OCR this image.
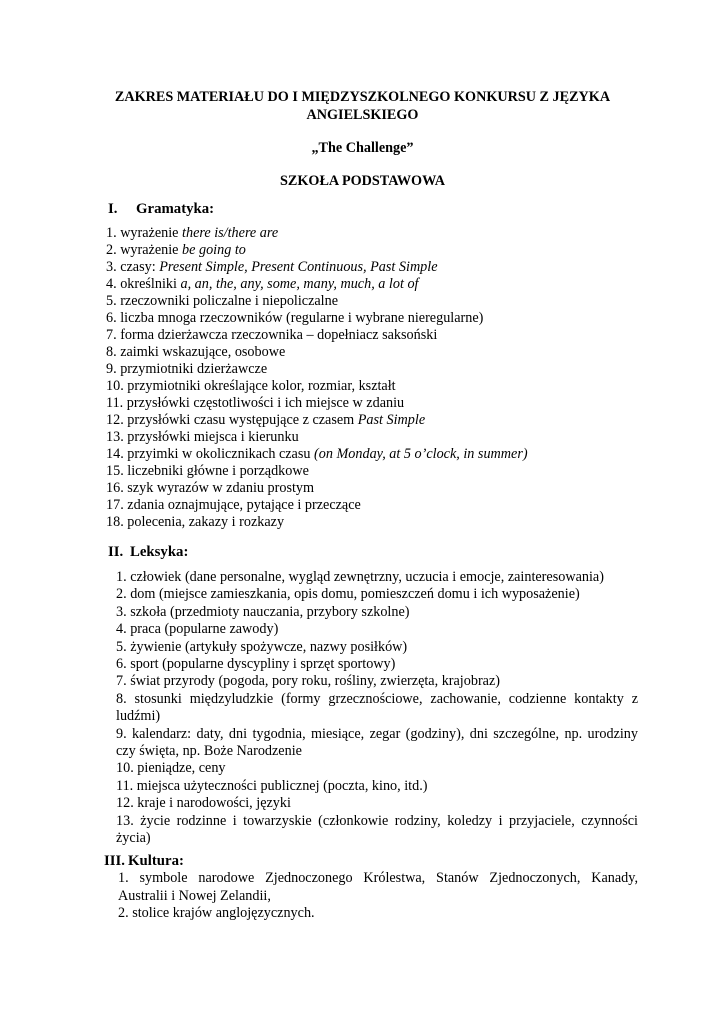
ZAKRES MATERIAŁU DO I MIĘDZYSZKOLNEGO KONKURSU Z JĘZYKA
ANGIELSKIEGO
„The Challenge”
SZKOŁA PODSTAWOWA
I. Gramatyka:
1. wyrażenie there is/there are
2. wyrażenie be going to
3. czasy: Present Simple, Present Continuous, Past Simple
4. określniki a, an, the, any, some, many, much, a lot of
5. rzeczowniki policzalne i niepoliczalne
6. liczba mnoga rzeczowników (regularne i wybrane nieregularne)
7. forma dzierżawcza rzeczownika – dopełniacz saksoński
8. zaimki wskazujące, osobowe
9. przymiotniki dzierżawcze
10. przymiotniki określające kolor, rozmiar, kształt
11. przysłówki częstotliwości i ich miejsce w zdaniu
12. przysłówki czasu występujące z czasem Past Simple
13. przysłówki miejsca i kierunku
14. przyimki w okolicznikach czasu (on Monday, at 5 o’clock, in summer)
15. liczebniki główne i porządkowe
16. szyk wyrazów w zdaniu prostym
17. zdania oznajmujące, pytające i przeczące
18. polecenia, zakazy i rozkazy
II. Leksyka:
1. człowiek (dane personalne, wygląd zewnętrzny, uczucia i emocje, zainteresowania)
2. dom (miejsce zamieszkania, opis domu, pomieszczeń domu i ich wyposażenie)
3. szkoła (przedmioty nauczania, przybory szkolne)
4. praca (popularne zawody)
5. żywienie (artykuły spożywcze, nazwy posiłków)
6. sport (popularne dyscypliny i sprzęt sportowy)
7. świat przyrody (pogoda, pory roku, rośliny, zwierzęta, krajobraz)
8. stosunki międzyludzkie (formy grzecznościowe, zachowanie, codzienne kontakty z ludźmi)
9. kalendarz: daty, dni tygodnia, miesiące, zegar (godziny), dni szczególne, np. urodziny czy święta, np. Boże Narodzenie
10. pieniądze, ceny
11. miejsca użyteczności publicznej (poczta, kino, itd.)
12. kraje i narodowości, języki
13. życie rodzinne i towarzyskie (członkowie rodziny, koledzy i przyjaciele, czynności życia)
III. Kultura:
1. symbole narodowe Zjednoczonego Królestwa, Stanów Zjednoczonych, Kanady, Australii i Nowej Zelandii,
2. stolice krajów anglojęzycznych.
